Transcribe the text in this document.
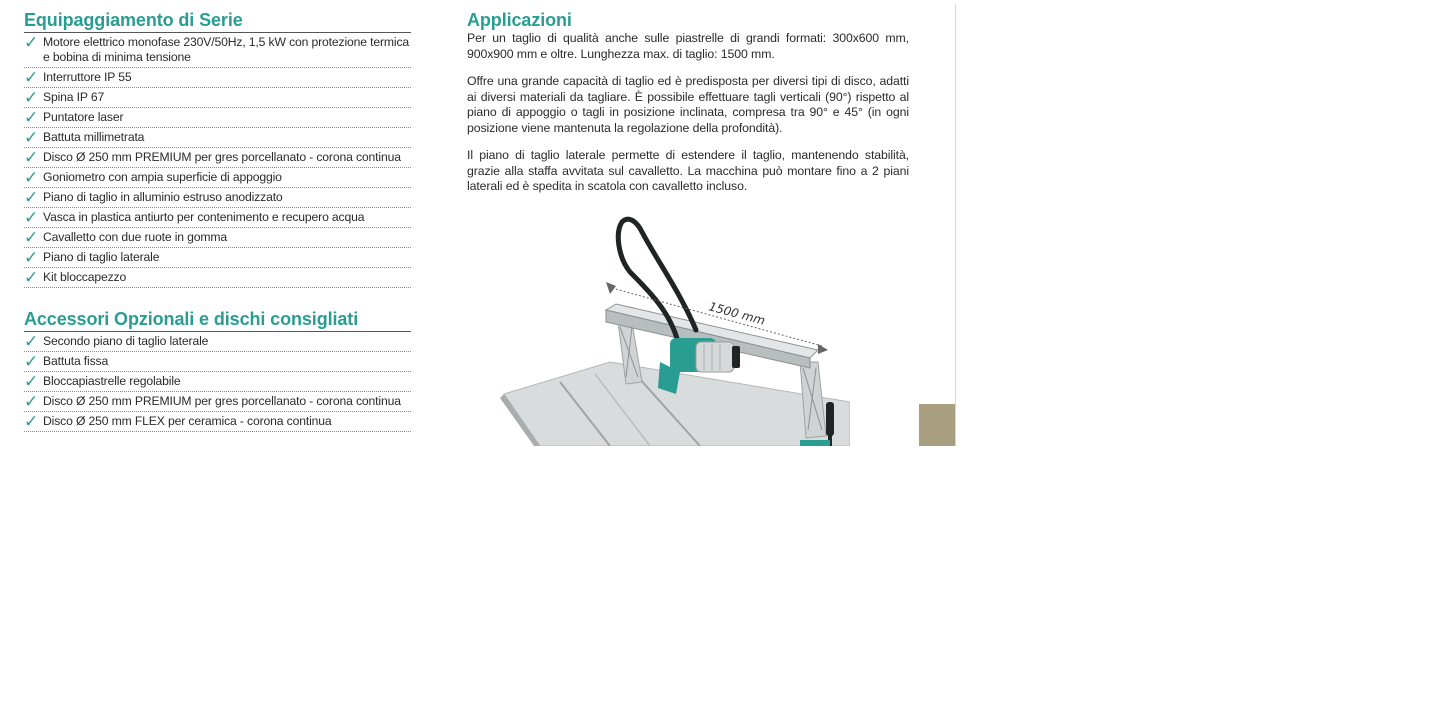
Equipaggiamento di Serie
✓ Motore elettrico monofase 230V/50Hz, 1,5 kW con protezione termica e bobina di minima tensione
✓ Interruttore IP 55
✓ Spina IP 67
✓ Puntatore laser
✓ Battuta millimetrata
✓ Disco Ø 250 mm PREMIUM per gres porcellanato - corona continua
✓ Goniometro con ampia superficie di appoggio
✓ Piano di taglio in alluminio estruso anodizzato
✓ Vasca in plastica antiurto per contenimento e recupero acqua
✓ Cavalletto con due ruote in gomma
✓ Piano di taglio laterale
✓ Kit bloccapezzo
Accessori Opzionali e dischi consigliati
✓ Secondo piano di taglio laterale
✓ Battuta fissa
✓ Bloccapiastrelle regolabile
✓ Disco Ø 250 mm PREMIUM per gres porcellanato - corona continua
✓ Disco Ø 250 mm FLEX per ceramica - corona continua
Applicazioni

Per un taglio di qualità anche sulle piastrelle di grandi formati: 300x600 mm, 900x900 mm e oltre. Lunghezza max. di taglio: 1500 mm.

Offre una grande capacità di taglio ed è predisposta per diversi tipi di disco, adatti ai diversi materiali da tagliare. È possibile effettuare tagli verticali (90°) rispetto al piano di appoggio o tagli in posizione inclinata, compresa tra 90° e 45° (in ogni posizione viene mantenuta la regolazione della profondità).

Il piano di taglio laterale permette di estendere il taglio, mantenendo stabilità, grazie alla staffa avvitata sul cavalletto. La macchina può montare fino a 2 piani laterali ed è spedita in scatola con cavalletto incluso.

1500 mm
